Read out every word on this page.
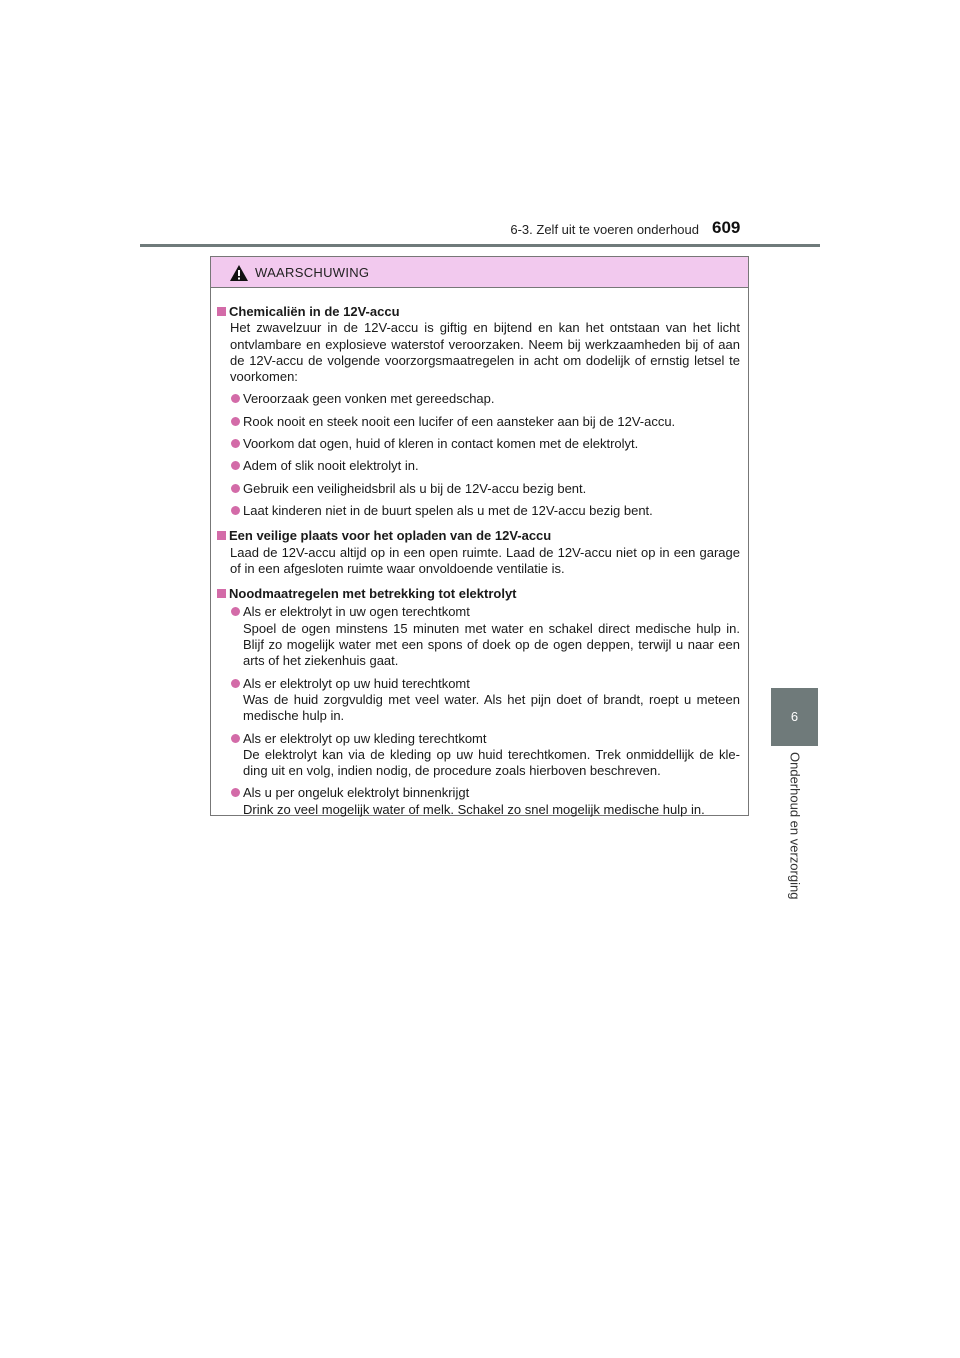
6-3. Zelf uit te voeren onderhoud 609
6
Onderhoud en verzorging
WAARSCHUWING
Chemicaliën in de 12V-accu
Het zwavelzuur in de 12V-accu is giftig en bijtend en kan het ontstaan van het licht ontvlambare en explosieve waterstof veroorzaken. Neem bij werkzaamheden bij of aan de 12V-accu de volgende voorzorgsmaatregelen in acht om dodelijk of ernstig letsel te voorkomen:
Veroorzaak geen vonken met gereedschap.
Rook nooit en steek nooit een lucifer of een aansteker aan bij de 12V-accu.
Voorkom dat ogen, huid of kleren in contact komen met de elektrolyt.
Adem of slik nooit elektrolyt in.
Gebruik een veiligheidsbril als u bij de 12V-accu bezig bent.
Laat kinderen niet in de buurt spelen als u met de 12V-accu bezig bent.
Een veilige plaats voor het opladen van de 12V-accu
Laad de 12V-accu altijd op in een open ruimte. Laad de 12V-accu niet op in een garage of in een afgesloten ruimte waar onvoldoende ventilatie is.
Noodmaatregelen met betrekking tot elektrolyt
Als er elektrolyt in uw ogen terechtkomt
Spoel de ogen minstens 15 minuten met water en schakel direct medische hulp in. Blijf zo mogelijk water met een spons of doek op de ogen deppen, terwijl u naar een arts of het ziekenhuis gaat.
Als er elektrolyt op uw huid terechtkomt
Was de huid zorgvuldig met veel water. Als het pijn doet of brandt, roept u meteen medische hulp in.
Als er elektrolyt op uw kleding terechtkomt
De elektrolyt kan via de kleding op uw huid terechtkomen. Trek onmiddellijk de kle- ding uit en volg, indien nodig, de procedure zoals hierboven beschreven.
Als u per ongeluk elektrolyt binnenkrijgt
Drink zo veel mogelijk water of melk. Schakel zo snel mogelijk medische hulp in.
